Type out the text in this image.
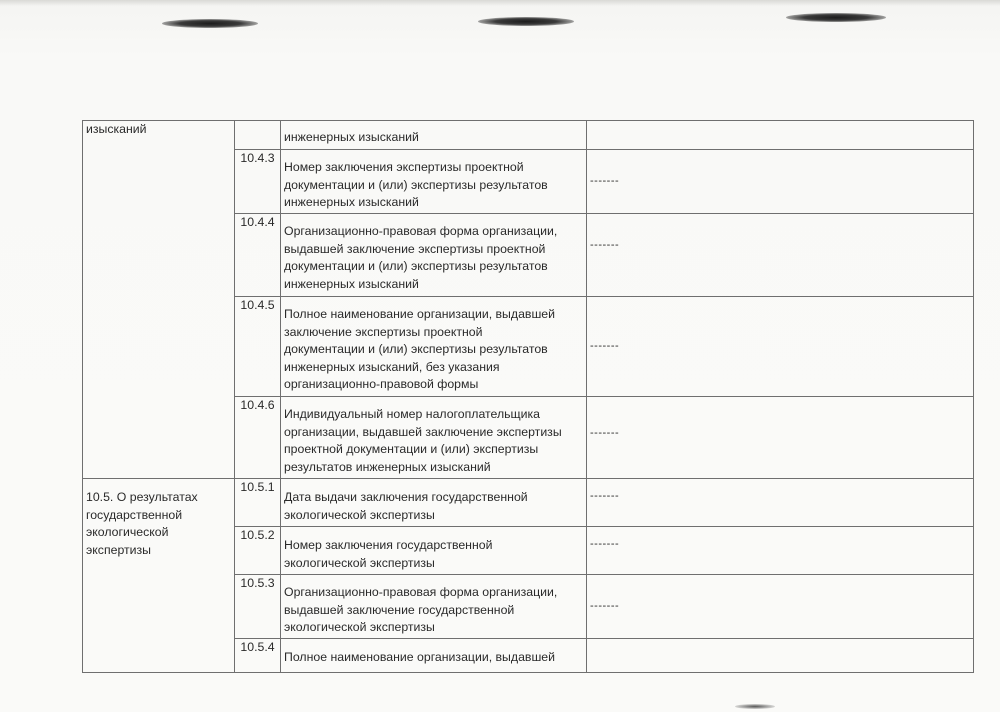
изысканий		инженерных изысканий	

	10.4.3	Номер заключения экспертизы проектной
документации и (или) экспертизы результатов
инженерных изысканий	-------

	10.4.4	Организационно-правовая форма организации,
выдавшей заключение экспертизы проектной
документации и (или) экспертизы результатов
инженерных изысканий	-------

	10.4.5	Полное наименование организации, выдавшей
заключение экспертизы проектной
документации и (или) экспертизы результатов
инженерных изысканий, без указания
организационно-правовой формы	-------

	10.4.6	Индивидуальный номер налогоплательщика
организации, выдавшей заключение экспертизы
проектной документации и (или) экспертизы
результатов инженерных изысканий	-------

10.5. О результатах
государственной
экологической
экспертизы	10.5.1	Дата выдачи заключения государственной
экологической экспертизы	-------

	10.5.2	Номер заключения государственной
экологической экспертизы	-------

	10.5.3	Организационно-правовая форма организации,
выдавшей заключение государственной
экологической экспертизы	-------

	10.5.4	Полное наименование организации, выдавшей	
